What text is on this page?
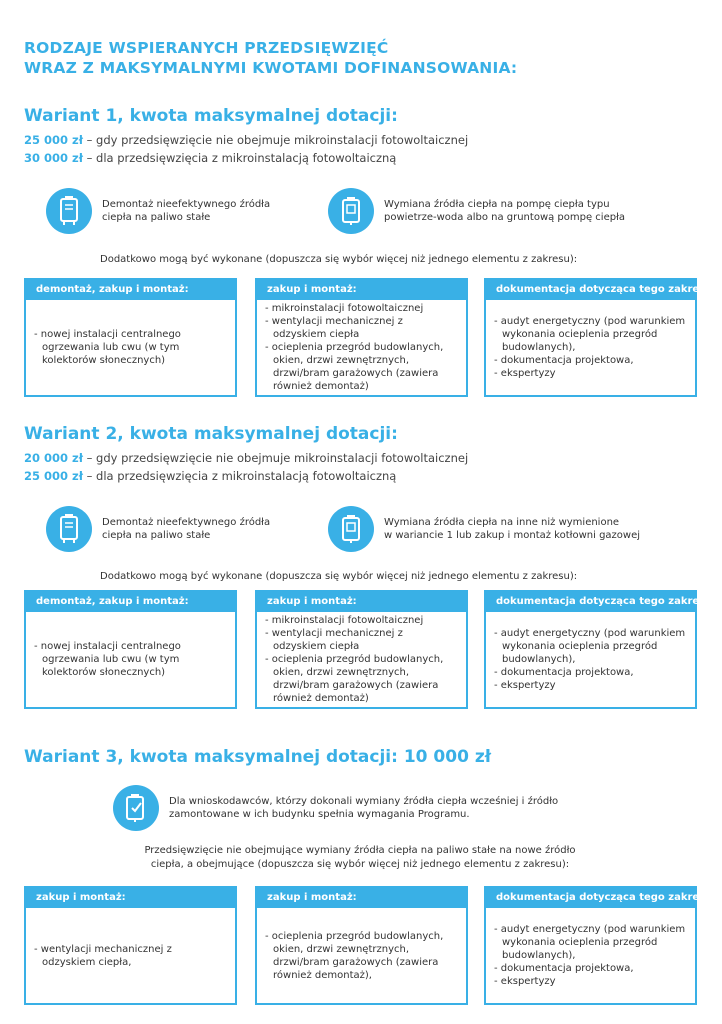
RODZAJE WSPIERANYCH PRZEDSIĘWZIĘĆ
WRAZ Z MAKSYMALNYMI KWOTAMI DOFINANSOWANIA:
Wariant 1, kwota maksymalnej dotacji:
25 000 zł – gdy przedsięwzięcie nie obejmuje mikroinstalacji fotowoltaicznej
30 000 zł – dla przedsięwzięcia z mikroinstalacją fotowoltaiczną
Demontaż nieefektywnego źródła
ciepła na paliwo stałe
Wymiana źródła ciepła na pompę ciepła typu
powietrze-woda albo na gruntową pompę ciepła
Dodatkowo mogą być wykonane (dopuszcza się wybór więcej niż jednego elementu z zakresu):
demontaż, zakup i montaż:
- nowej instalacji centralnego ogrzewania lub cwu (w tym kolektorów słonecznych)
zakup i montaż:
- mikroinstalacji fotowoltaicznej
- wentylacji mechanicznej z odzyskiem ciepła
- ocieplenia przegród budowlanych, okien, drzwi zewnętrznych, drzwi/bram garażowych (zawiera również demontaż)
dokumentacja dotycząca tego zakresu:
- audyt energetyczny (pod warunkiem wykonania ocieplenia przegród budowlanych),
- dokumentacja projektowa,
- ekspertyzy
Wariant 2, kwota maksymalnej dotacji:
20 000 zł – gdy przedsięwzięcie nie obejmuje mikroinstalacji fotowoltaicznej
25 000 zł – dla przedsięwzięcia z mikroinstalacją fotowoltaiczną
Demontaż nieefektywnego źródła
ciepła na paliwo stałe
Wymiana źródła ciepła na inne niż wymienione
w wariancie 1 lub zakup i montaż kotłowni gazowej
Dodatkowo mogą być wykonane (dopuszcza się wybór więcej niż jednego elementu z zakresu):
demontaż, zakup i montaż:
- nowej instalacji centralnego ogrzewania lub cwu (w tym kolektorów słonecznych)
zakup i montaż:
- mikroinstalacji fotowoltaicznej
- wentylacji mechanicznej z odzyskiem ciepła
- ocieplenia przegród budowlanych, okien, drzwi zewnętrznych, drzwi/bram garażowych (zawiera również demontaż)
dokumentacja dotycząca tego zakresu:
- audyt energetyczny (pod warunkiem wykonania ocieplenia przegród budowlanych),
- dokumentacja projektowa,
- ekspertyzy
Wariant 3, kwota maksymalnej dotacji: 10 000 zł
Dla wnioskodawców, którzy dokonali wymiany źródła ciepła wcześniej i źródło
zamontowane w ich budynku spełnia wymagania Programu.
Przedsięwzięcie nie obejmujące wymiany źródła ciepła na paliwo stałe na nowe źródło
ciepła, a obejmujące (dopuszcza się wybór więcej niż jednego elementu z zakresu):
zakup i montaż:
- wentylacji mechanicznej z odzyskiem ciepła,
zakup i montaż:
- ocieplenia przegród budowlanych, okien, drzwi zewnętrznych, drzwi/bram garażowych (zawiera również demontaż),
dokumentacja dotycząca tego zakresu:
- audyt energetyczny (pod warunkiem wykonania ocieplenia przegród budowlanych),
- dokumentacja projektowa,
- ekspertyzy
